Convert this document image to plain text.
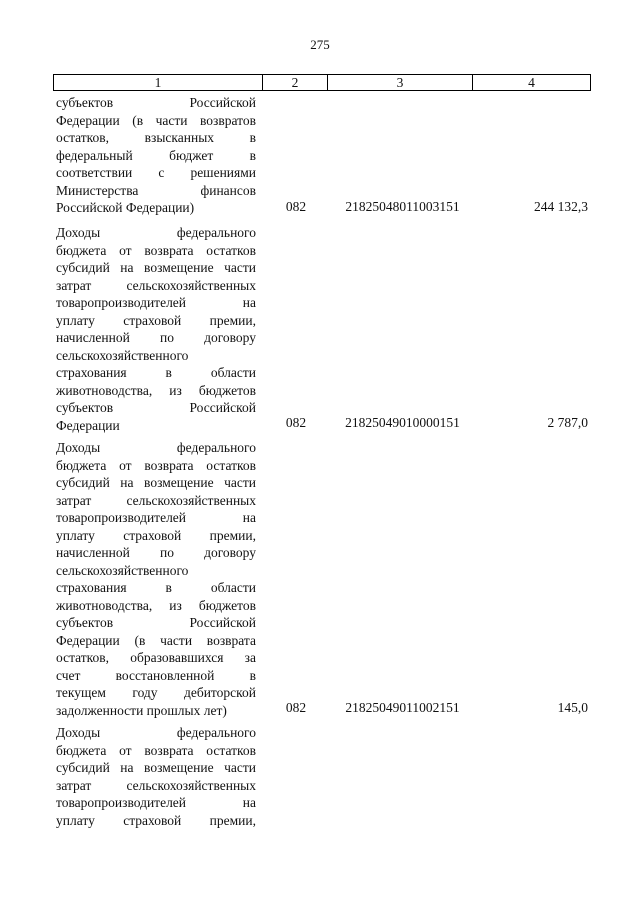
275
1	2	3	4
субъектов Российской
Федерации (в части возвратов
остатков, взысканных в
федеральный бюджет в
соответствии с решениями
Министерства финансов
Российской Федерации)	082	21825048011003151	244 132,3
Доходы федерального
бюджета от возврата остатков
субсидий на возмещение части
затрат сельскохозяйственных
товаропроизводителей на
уплату страховой премии,
начисленной по договору
сельскохозяйственного
страхования в области
животноводства, из бюджетов
субъектов Российской
Федерации	082	21825049010000151	2 787,0
Доходы федерального
бюджета от возврата остатков
субсидий на возмещение части
затрат сельскохозяйственных
товаропроизводителей на
уплату страховой премии,
начисленной по договору
сельскохозяйственного
страхования в области
животноводства, из бюджетов
субъектов Российской
Федерации (в части возврата
остатков, образовавшихся за
счет восстановленной в
текущем году дебиторской
задолженности прошлых лет)	082	21825049011002151	145,0
Доходы федерального
бюджета от возврата остатков
субсидий на возмещение части
затрат сельскохозяйственных
товаропроизводителей на
уплату страховой премии,
